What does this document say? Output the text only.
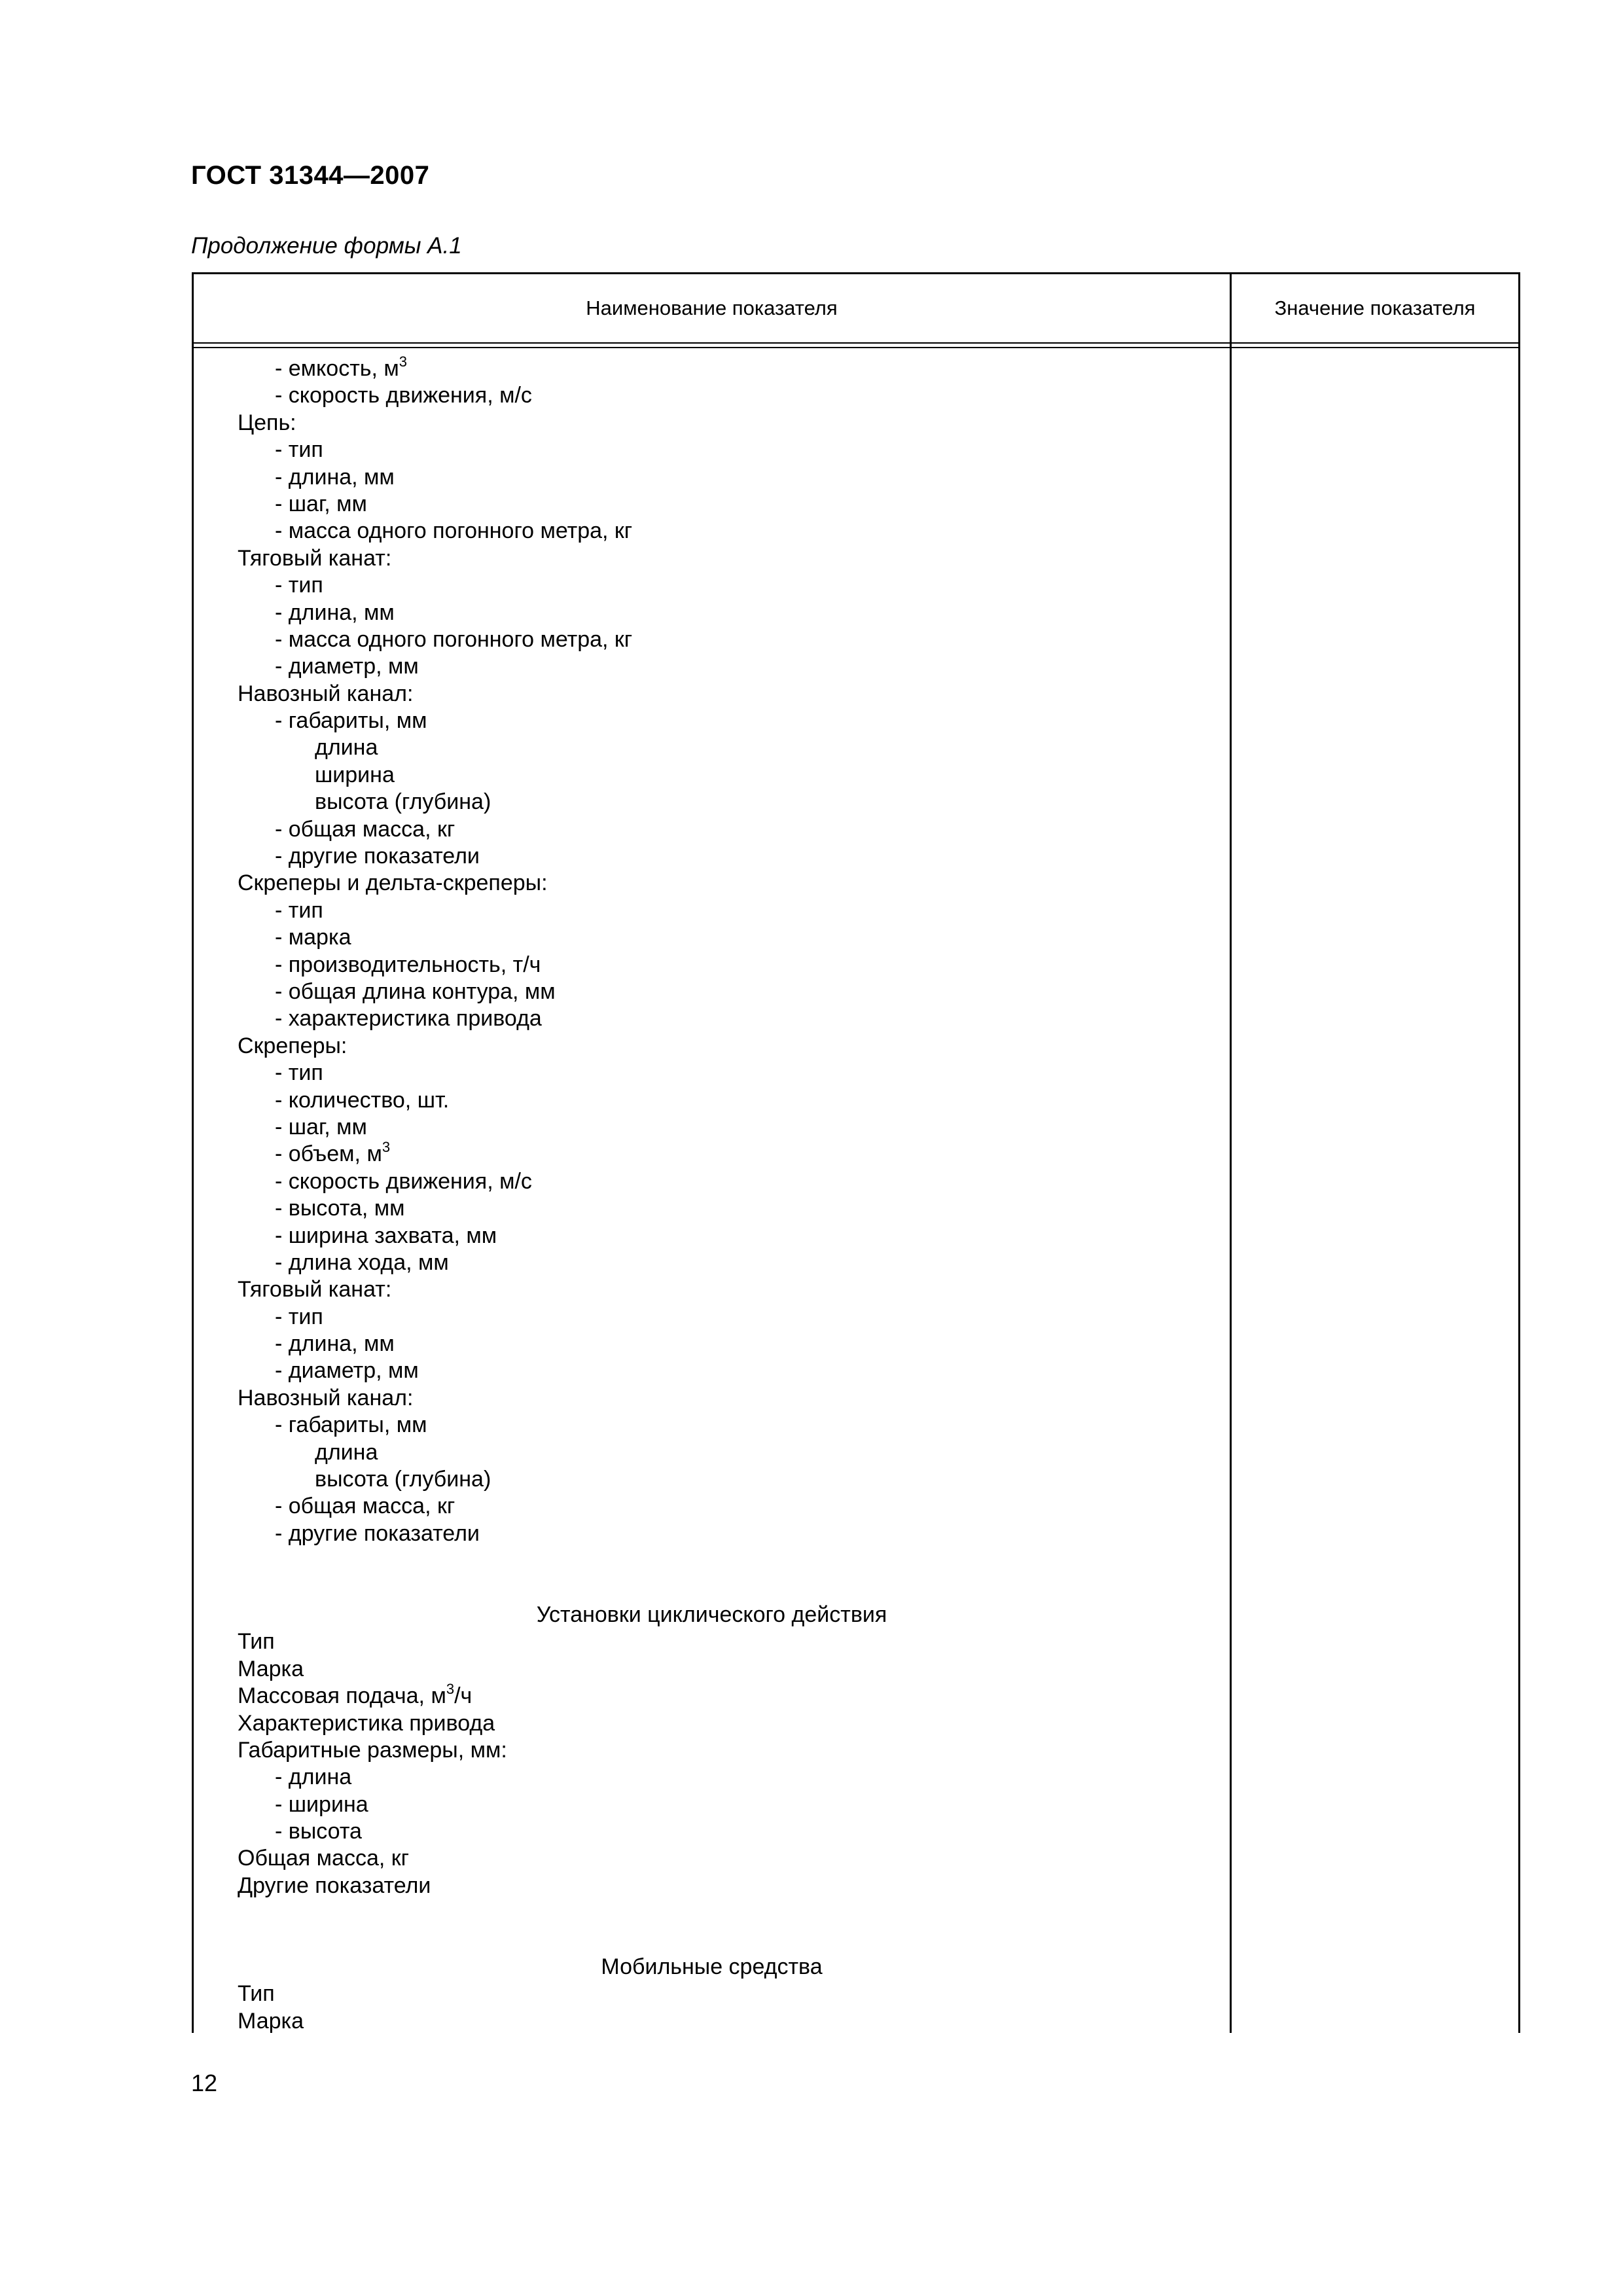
ГОСТ 31344—2007
Продолжение формы А.1
Наименование показателя	Значение показателя
- емкость, $м^3$
- скорость движения, м/с
Цепь:
- тип
- длина, мм
- шаг, мм
- масса одного погонного метра, кг
Тяговый канат:
- тип
- длина, мм
- масса одного погонного метра, кг
- диаметр, мм
Навозный канал:
- габариты, мм
длина
ширина
высота (глубина)
- общая масса, кг
- другие показатели
Скреперы и дельта-скреперы:
- тип
- марка
- производительность, т/ч
- общая длина контура, мм
- характеристика привода
Скреперы:
- тип
- количество, шт.
- шаг, мм
- объем, $м^3$
- скорость движения, м/с
- высота, мм
- ширина захвата, мм
- длина хода, мм
Тяговый канат:
- тип
- длина, мм
- диаметр, мм
Навозный канал:
- габариты, мм
длина
высота (глубина)
- общая масса, кг
- другие показатели
Установки циклического действия
Тип
Марка
Массовая подача, $м^3/ч$
Характеристика привода
Габаритные размеры, мм:
- длина
- ширина
- высота
Общая масса, кг
Другие показатели
Мобильные средства
Тип
Марка
12
